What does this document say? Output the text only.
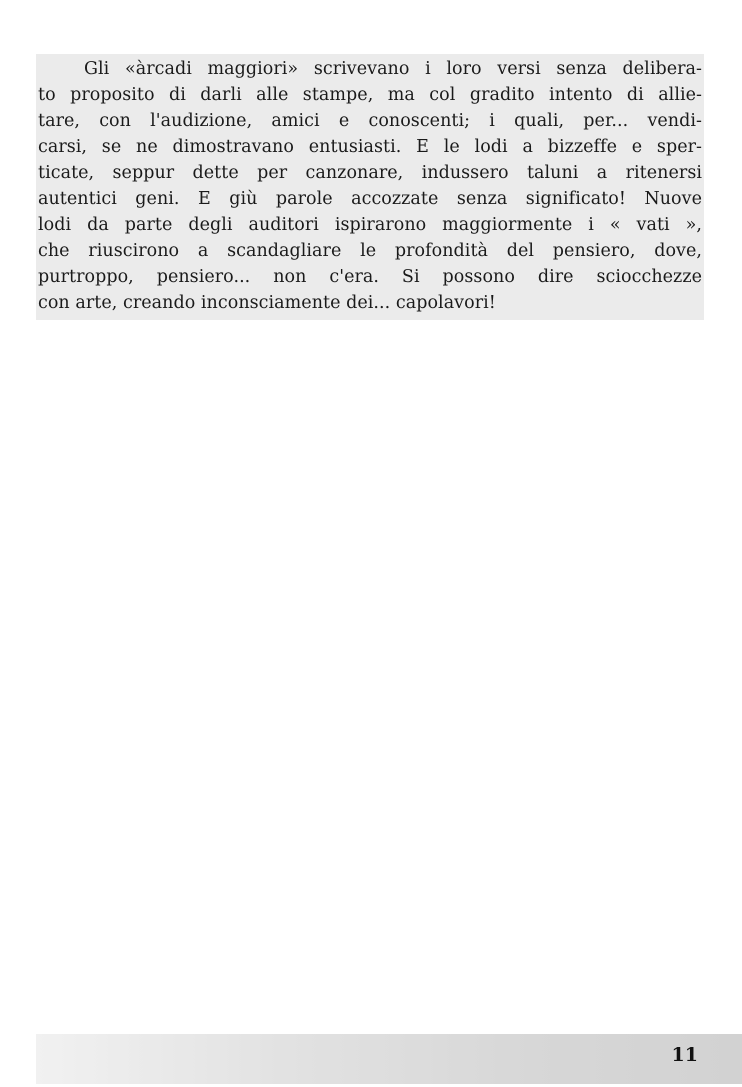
Gli «àrcadi maggiori» scrivevano i loro versi senza delibera-
to proposito di darli alle stampe, ma col gradito intento di allie-
tare, con l'audizione, amici e conoscenti; i quali, per... vendi-
carsi, se ne dimostravano entusiasti. E le lodi a bizzeffe e sper-
ticate, seppur dette per canzonare, indussero taluni a ritenersi
autentici geni. E giù parole accozzate senza significato! Nuove
lodi da parte degli auditori ispirarono maggiormente i « vati »,
che riuscirono a scandagliare le profondità del pensiero, dove,
purtroppo, pensiero... non c'era. Si possono dire sciocchezze
con arte, creando inconsciamente dei... capolavori!
11
